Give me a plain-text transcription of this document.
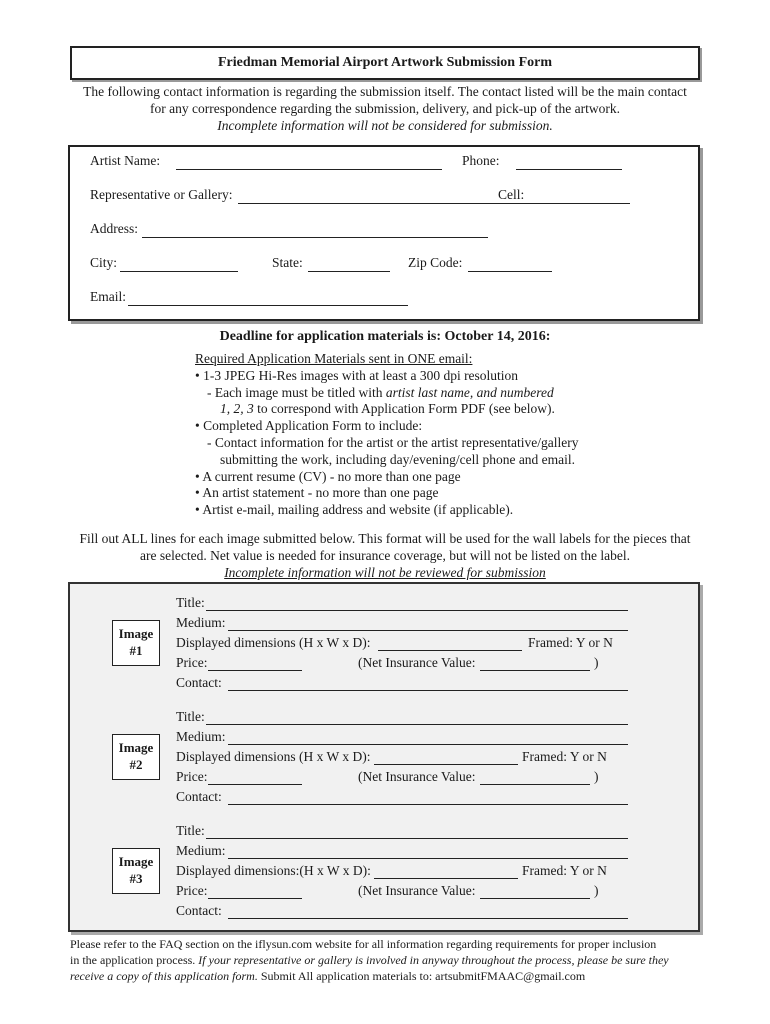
Friedman Memorial Airport Artwork Submission Form
The following contact information is regarding the submission itself. The contact listed will be the main contact
for any correspondence regarding the submission, delivery, and pick-up of the artwork.
Incomplete information will not be considered for submission.
Artist Name:	Phone:
Representative or Gallery:	Cell:
Address:
City:	State:	Zip Code:
Email:
Deadline for application materials is: October 14, 2016:
Required Application Materials sent in ONE email:
• 1-3 JPEG Hi-Res images with at least a 300 dpi resolution
- Each image must be titled with artist last name, and numbered
1, 2, 3 to correspond with Application Form PDF (see below).
• Completed Application Form to include:
- Contact information for the artist or the artist representative/gallery
submitting the work, including day/evening/cell phone and email.
• A current resume (CV) - no more than one page
• An artist statement - no more than one page
• Artist e-mail, mailing address and website (if applicable).
Fill out ALL lines for each image submitted below. This format will be used for the wall labels for the pieces that
are selected. Net value is needed for insurance coverage, but will not be listed on the label.
Incomplete information will not be reviewed for submission
Image
#1
Title:
Medium:
Displayed dimensions (H x W x D):	Framed: Y or N
Price:	(Net Insurance Value:	)
Contact:
Image
#2
Title:
Medium:
Displayed dimensions (H x W x D):	Framed: Y or N
Price:	(Net Insurance Value:	)
Contact:
Image
#3
Title:
Medium:
Displayed dimensions:(H x W x D):	Framed: Y or N
Price:	(Net Insurance Value:	)
Contact:
Please refer to the FAQ section on the iflysun.com website for all information regarding requirements for proper inclusion
in the application process. If your representative or gallery is involved in anyway throughout the process, please be sure they
receive a copy of this application form. Submit All application materials to: artsubmitFMAAC@gmail.com
